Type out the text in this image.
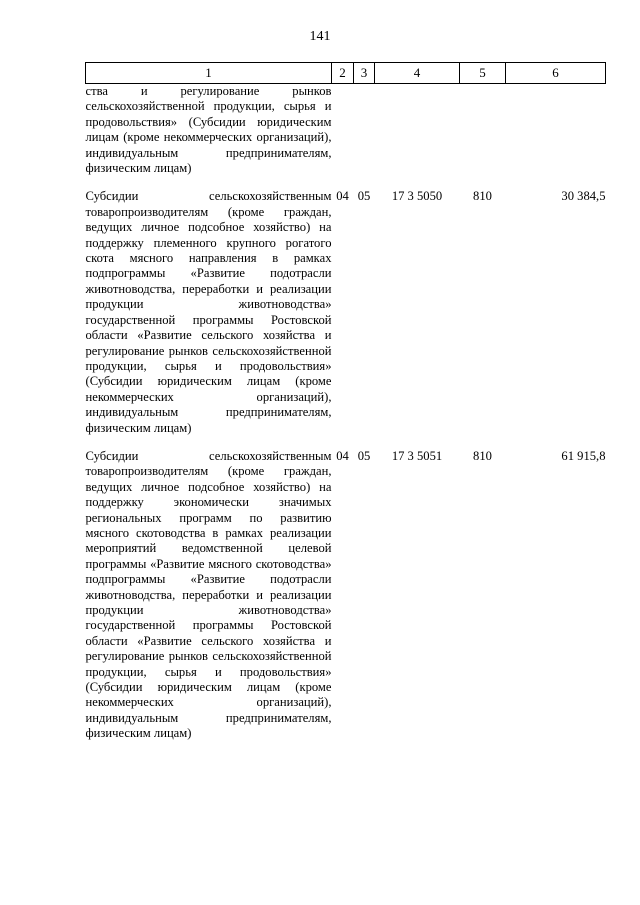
141
1	2	3	4	5	6

ства и регулирование рынков сельскохозяйственной продукции, сырья и продовольствия» (Субсидии юридическим лицам (кроме некоммерческих организаций), индивидуальным предпринимателям, физическим лицам)					

Субсидии сельскохозяйственным товаропроизводителям (кроме граждан, ведущих личное подсобное хозяйство) на поддержку племенного крупного рогатого скота мясного направления в рамках подпрограммы «Развитие подотрасли животноводства, переработки и реализации продукции животноводства» государственной программы Ростовской области «Развитие сельского хозяйства и регулирование рынков сельскохозяйственной продукции, сырья и продовольствия» (Субсидии юридическим лицам (кроме некоммерческих организаций), индивидуальным предпринимателям, физическим лицам)	04	05	17 3 5050	810	30 384,5

Субсидии сельскохозяйственным товаропроизводителям (кроме граждан, ведущих личное подсобное хозяйство) на поддержку экономически значимых региональных программ по развитию мясного скотоводства в рамках реализации мероприятий ведомственной целевой программы «Развитие мясного скотоводства» подпрограммы «Развитие подотрасли животноводства, переработки и реализации продукции животноводства» государственной программы Ростовской области «Развитие сельского хозяйства и регулирование рынков сельскохозяйственной продукции, сырья и продовольствия» (Субсидии юридическим лицам (кроме некоммерческих организаций), индивидуальным предпринимателям, физическим лицам)	04	05	17 3 5051	810	61 915,8
